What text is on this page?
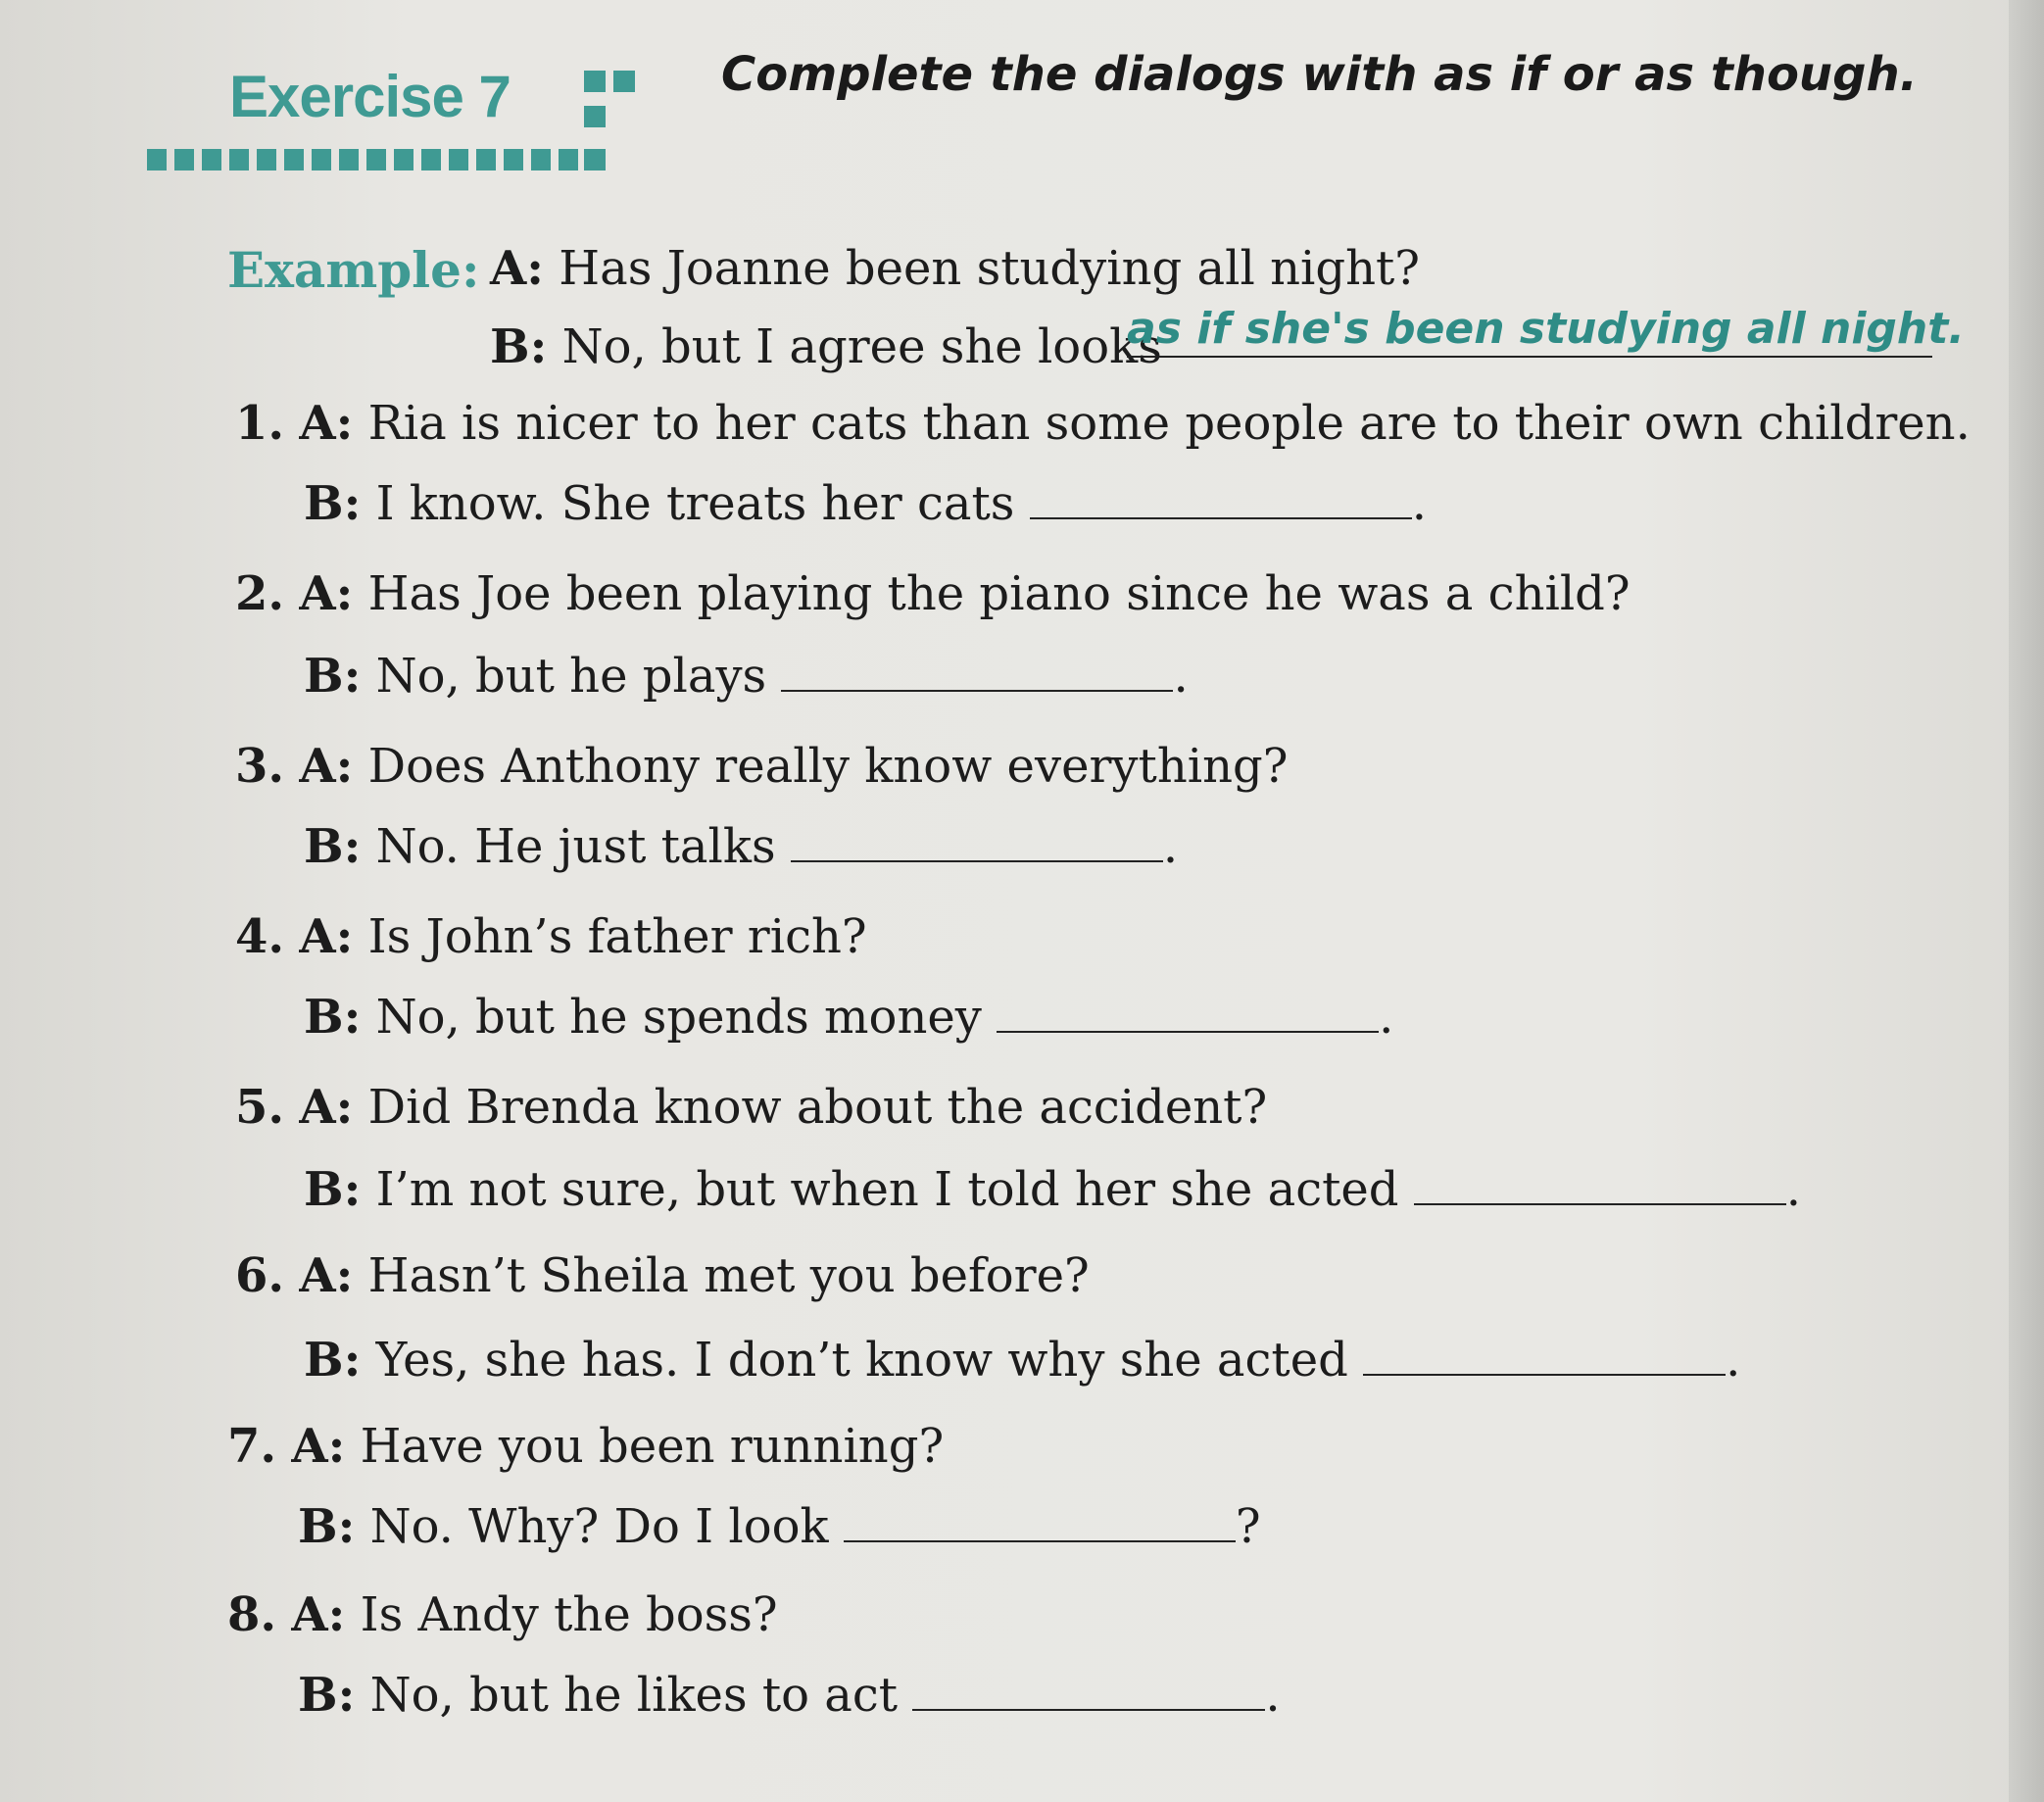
Exercise 7	Complete the dialogs with as if or as though.
Example: A: Has Joanne been studying all night?
B: No, but I agree she looks
as if she's been studying all night.
1. A: Ria is nicer to her cats than some people are to their own children.
B: I know. She treats her cats	.
2. A: Has Joe been playing the piano since he was a child?
B: No, but he plays	.
3. A: Does Anthony really know everything?
B: No. He just talks	.
4. A: Is John’s father rich?
B: No, but he spends money	.
5. A: Did Brenda know about the accident?
B: I’m not sure, but when I told her she acted	.
6. A: Hasn’t Sheila met you before?
B: Yes, she has. I don’t know why she acted	.
7. A: Have you been running?
B: No. Why? Do I look	?
8. A: Is Andy the boss?
B: No, but he likes to act	.
